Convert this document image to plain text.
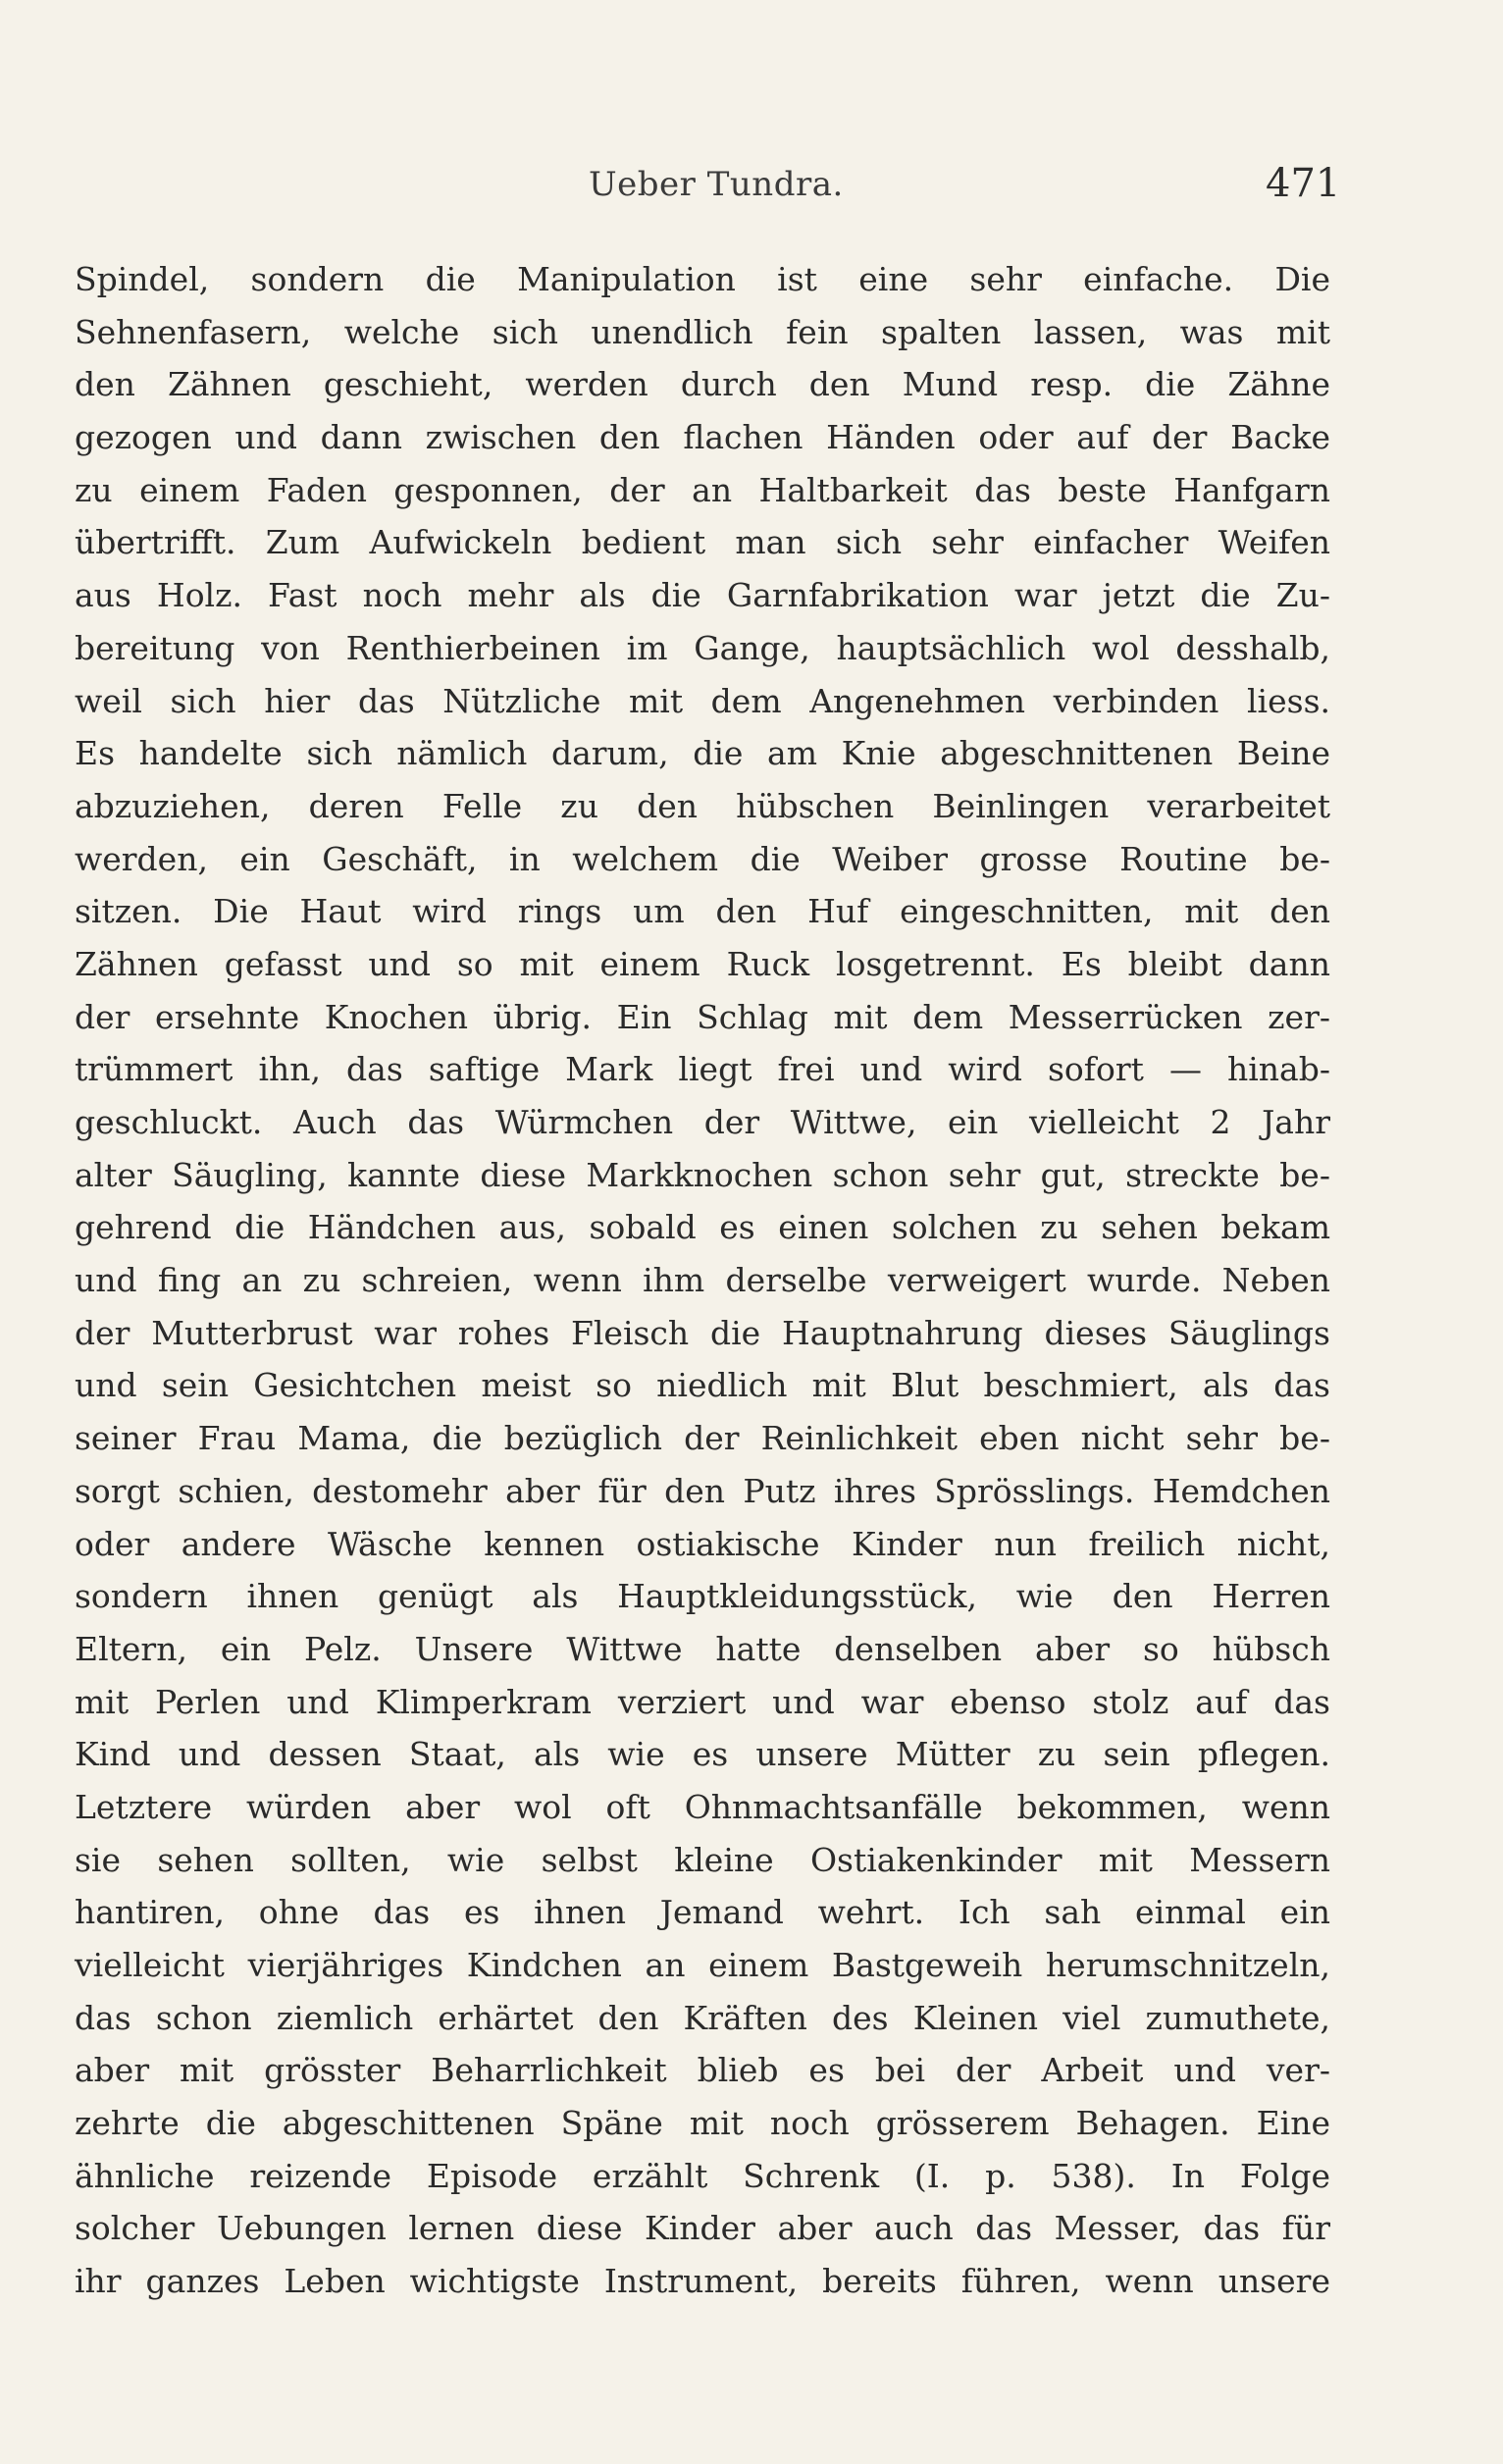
Ueber Tundra.	471
Spindel, sondern die Manipulation ist eine sehr einfache. Die
Sehnenfasern, welche sich unendlich fein spalten lassen, was mit
den Zähnen geschieht, werden durch den Mund resp. die Zähne
gezogen und dann zwischen den flachen Händen oder auf der Backe
zu einem Faden gesponnen, der an Haltbarkeit das beste Hanfgarn
übertrifft. Zum Aufwickeln bedient man sich sehr einfacher Weifen
aus Holz. Fast noch mehr als die Garnfabrikation war jetzt die Zu-
bereitung von Renthierbeinen im Gange, hauptsächlich wol desshalb,
weil sich hier das Nützliche mit dem Angenehmen verbinden liess.
Es handelte sich nämlich darum, die am Knie abgeschnittenen Beine
abzuziehen, deren Felle zu den hübschen Beinlingen verarbeitet
werden, ein Geschäft, in welchem die Weiber grosse Routine be-
sitzen. Die Haut wird rings um den Huf eingeschnitten, mit den
Zähnen gefasst und so mit einem Ruck losgetrennt. Es bleibt dann
der ersehnte Knochen übrig. Ein Schlag mit dem Messerrücken zer-
trümmert ihn, das saftige Mark liegt frei und wird sofort — hinab-
geschluckt. Auch das Würmchen der Wittwe, ein vielleicht 2 Jahr
alter Säugling, kannte diese Markknochen schon sehr gut, streckte be-
gehrend die Händchen aus, sobald es einen solchen zu sehen bekam
und fing an zu schreien, wenn ihm derselbe verweigert wurde. Neben
der Mutterbrust war rohes Fleisch die Hauptnahrung dieses Säuglings
und sein Gesichtchen meist so niedlich mit Blut beschmiert, als das
seiner Frau Mama, die bezüglich der Reinlichkeit eben nicht sehr be-
sorgt schien, destomehr aber für den Putz ihres Sprösslings. Hemdchen
oder andere Wäsche kennen ostiakische Kinder nun freilich nicht,
sondern ihnen genügt als Hauptkleidungsstück, wie den Herren
Eltern, ein Pelz. Unsere Wittwe hatte denselben aber so hübsch
mit Perlen und Klimperkram verziert und war ebenso stolz auf das
Kind und dessen Staat, als wie es unsere Mütter zu sein pflegen.
Letztere würden aber wol oft Ohnmachtsanfälle bekommen, wenn
sie sehen sollten, wie selbst kleine Ostiakenkinder mit Messern
hantiren, ohne das es ihnen Jemand wehrt. Ich sah einmal ein
vielleicht vierjähriges Kindchen an einem Bastgeweih herumschnitzeln,
das schon ziemlich erhärtet den Kräften des Kleinen viel zumuthete,
aber mit grösster Beharrlichkeit blieb es bei der Arbeit und ver-
zehrte die abgeschittenen Späne mit noch grösserem Behagen. Eine
ähnliche reizende Episode erzählt Schrenk (I. p. 538). In Folge
solcher Uebungen lernen diese Kinder aber auch das Messer, das für
ihr ganzes Leben wichtigste Instrument, bereits führen, wenn unsere
